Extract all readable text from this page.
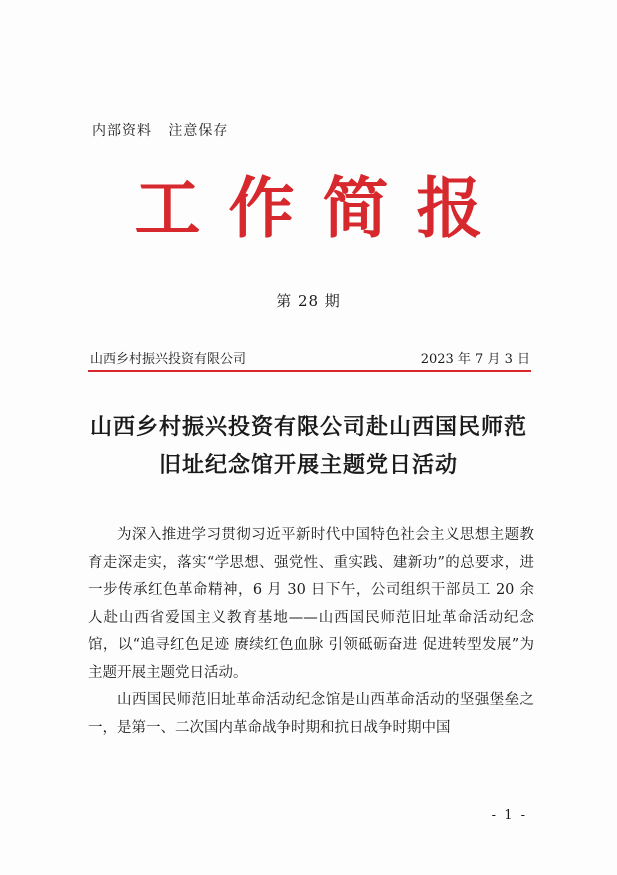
内部资料   注意保存
工作简报
第 28 期
山西乡村振兴投资有限公司	2023 年 7 月 3 日
山西乡村振兴投资有限公司赴山西国民师范
旧址纪念馆开展主题党日活动

为深入推进学习贯彻习近平新时代中国特色社会主义思想主题教育走深走实，落实“学思想、强党性、重实践、建新功”的总要求，进一步传承红色革命精神，6 月 30 日下午，公司组织干部员工 20 余人赴山西省爱国主义教育基地——山西国民师范旧址革命活动纪念馆，以“追寻红色足迹 赓续红色血脉 引领砥砺奋进 促进转型发展”为主题开展主题党日活动。

山西国民师范旧址革命活动纪念馆是山西革命活动的坚强堡垒之一，是第一、二次国内革命战争时期和抗日战争时期中国

- 1 -
